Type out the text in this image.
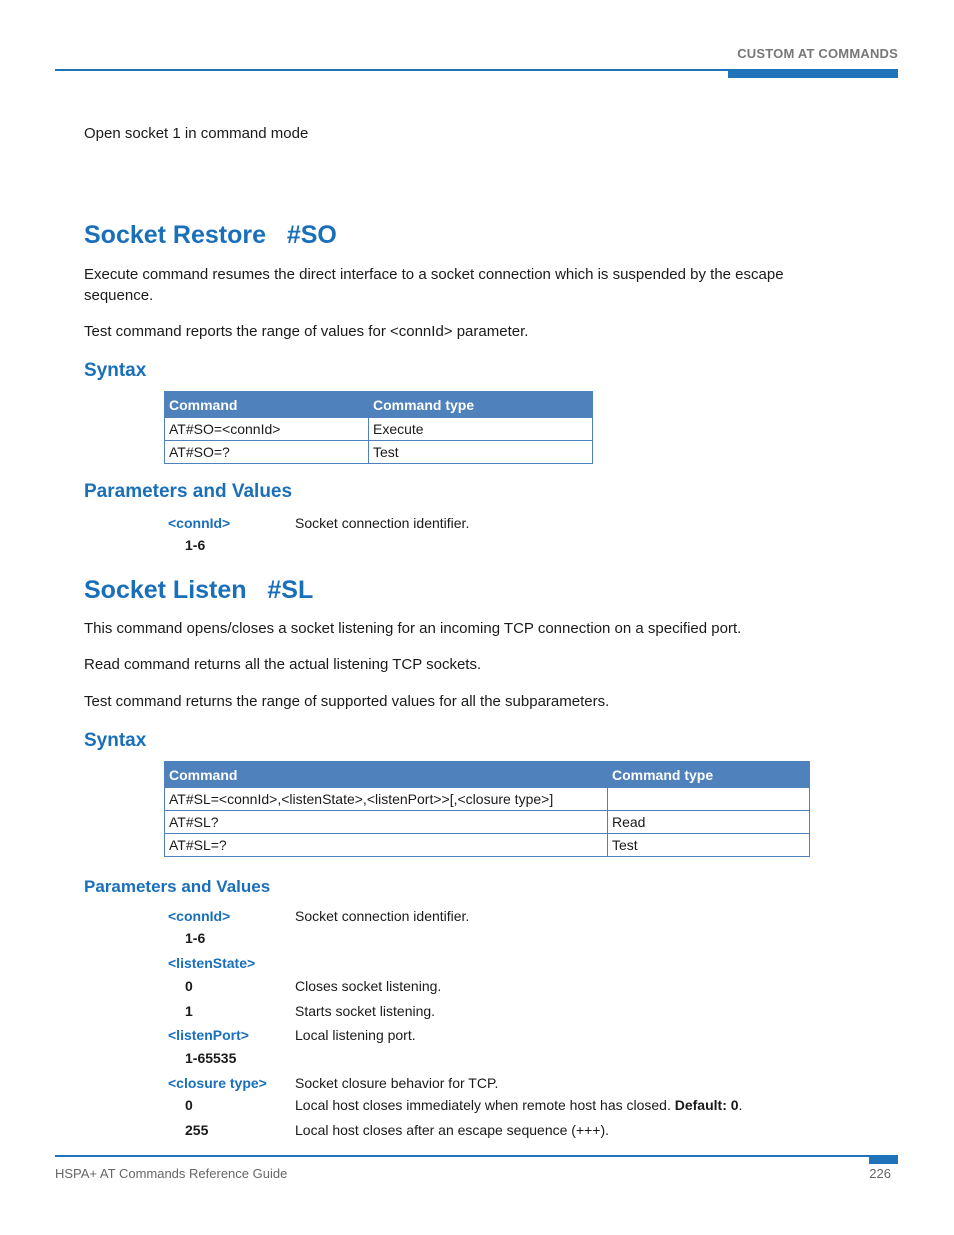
CUSTOM AT COMMANDS
Open socket 1 in command mode
Socket Restore   #SO
Execute command resumes the direct interface to a socket connection which is suspended by the escape sequence.
Test command reports the range of values for <connId> parameter.
Syntax
Command	Command type
AT#SO=<connId>	Execute
AT#SO=?	Test
Parameters and Values
<connId>	Socket connection identifier.
1-6
Socket Listen   #SL
This command opens/closes a socket listening for an incoming TCP connection on a specified port.
Read command returns all the actual listening TCP sockets.
Test command returns the range of supported values for all the subparameters.
Syntax
Command	Command type
AT#SL=<connId>,<listenState>,<listenPort>>[,<closure type>]	
AT#SL?	Read
AT#SL=?	Test
Parameters and Values
<connId>	Socket connection identifier.
1-6
<listenState>
0	Closes socket listening.
1	Starts socket listening.
<listenPort>	Local listening port.
1-65535
<closure type> Socket closure behavior for TCP.
0	Local host closes immediately when remote host has closed. Default: 0.
255	Local host closes after an escape sequence (+++).
HSPA+ AT Commands Reference Guide	226
